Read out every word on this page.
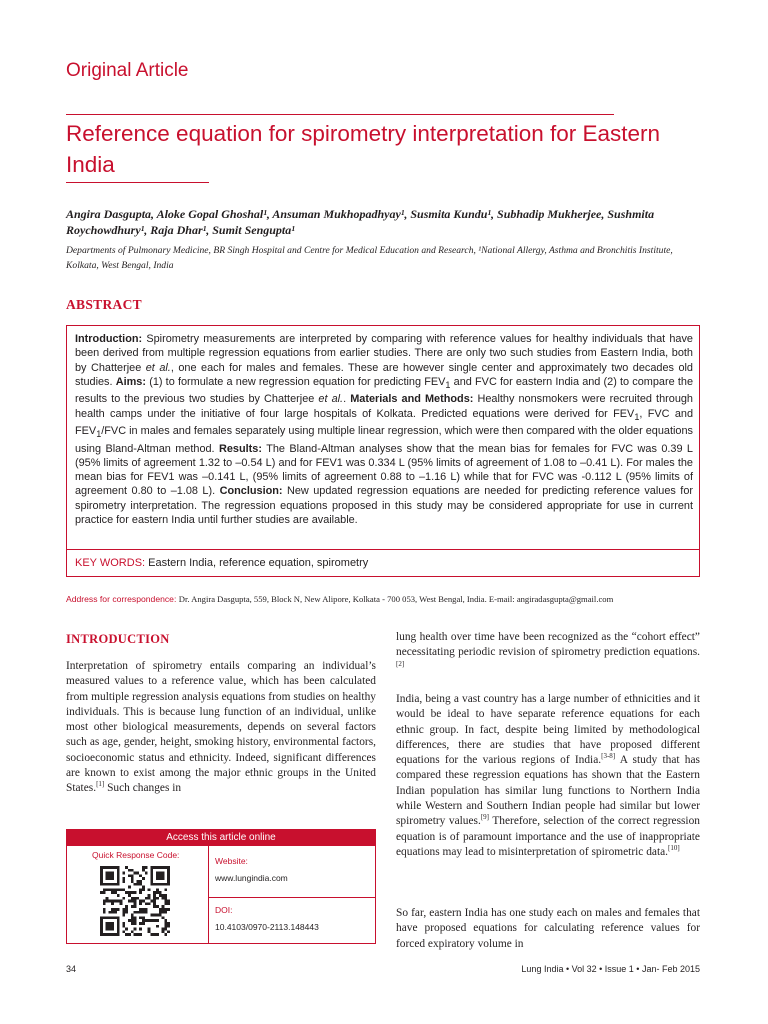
Original Article
Reference equation for spirometry interpretation for Eastern India
Angira Dasgupta, Aloke Gopal Ghoshal¹, Ansuman Mukhopadhyay¹, Susmita Kundu¹, Subhadip Mukherjee, Sushmita Roychowdhury¹, Raja Dhar¹, Sumit Sengupta¹
Departments of Pulmonary Medicine, BR Singh Hospital and Centre for Medical Education and Research, ¹National Allergy, Asthma and Bronchitis Institute, Kolkata, West Bengal, India
ABSTRACT

Introduction: Spirometry measurements are interpreted by comparing with reference values for healthy individuals that have been derived from multiple regression equations from earlier studies. There are only two such studies from Eastern India, both by Chatterjee et al., one each for males and females. These are however single center and approximately two decades old studies. Aims: (1) to formulate a new regression equation for predicting $FEV_1$ and FVC for eastern India and (2) to compare the results to the previous two studies by Chatterjee et al.. Materials and Methods: Healthy nonsmokers were recruited through health camps under the initiative of four large hospitals of Kolkata. Predicted equations were derived for $FEV_1$, FVC and $FEV_1$/FVC in males and females separately using multiple linear regression, which were then compared with the older equations using Bland-Altman method. Results: The Bland-Altman analyses show that the mean bias for females for FVC was 0.39 L (95% limits of agreement 1.32 to –0.54 L) and for FEV1 was 0.334 L (95% limits of agreement of 1.08 to –0.41 L). For males the mean bias for FEV1 was –0.141 L, (95% limits of agreement 0.88 to –1.16 L) while that for FVC was -0.112 L (95% limits of agreement 0.80 to –1.08 L). Conclusion: New updated regression equations are needed for predicting reference values for spirometry interpretation. The regression equations proposed in this study may be considered appropriate for use in current practice for eastern India until further studies are available.

KEY WORDS: Eastern India, reference equation, spirometry
Address for correspondence: Dr. Angira Dasgupta, 559, Block N, New Alipore, Kolkata - 700 053, West Bengal, India. E-mail: angiradasgupta@gmail.com
INTRODUCTION

Interpretation of spirometry entails comparing an individual’s measured values to a reference value, which has been calculated from multiple regression analysis equations from studies on healthy individuals. This is because lung function of an individual, unlike most other biological measurements, depends on several factors such as age, gender, height, smoking history, environmental factors, socioeconomic status and ethnicity. Indeed, significant differences are known to exist among the major ethnic groups in the United States.[1] Such changes in

lung health over time have been recognized as the “cohort effect” necessitating periodic revision of spirometry prediction equations.[2]

India, being a vast country has a large number of ethnicities and it would be ideal to have separate reference equations for each ethnic group. In fact, despite being limited by methodological differences, there are studies that have proposed different equations for the various regions of India.[3-8] A study that has compared these regression equations has shown that the Eastern Indian population has similar lung functions to Northern India while Western and Southern Indian people had similar but lower spirometry values.[9] Therefore, selection of the correct regression equation is of paramount importance and the use of inappropriate equations may lead to misinterpretation of spirometric data.[10]

So far, eastern India has one study each on males and females that have proposed equations for calculating reference values for forced expiratory volume in

Access this article online
Quick Response Code:
Website:
www.lungindia.com
DOI:
10.4103/0970-2113.148443
34	Lung India • Vol 32 • Issue 1 • Jan- Feb 2015
